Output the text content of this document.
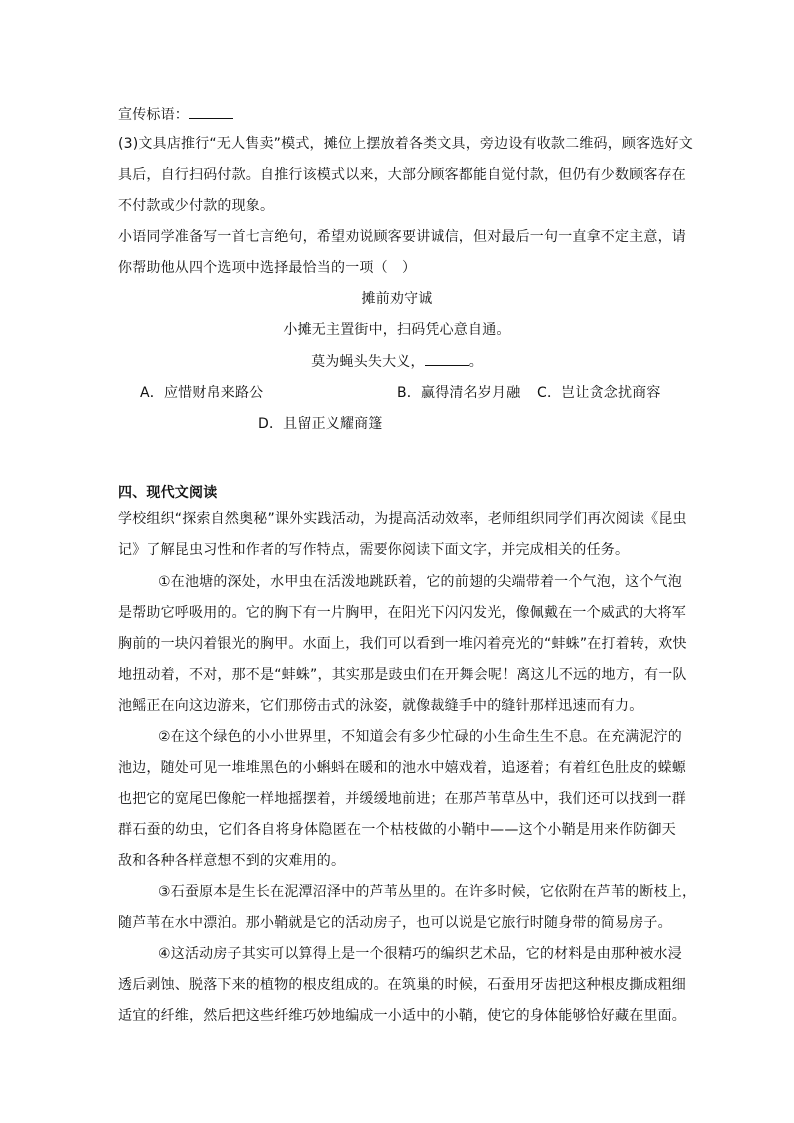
宣传标语：
(3)文具店推行“无人售卖”模式，摊位上摆放着各类文具，旁边设有收款二维码，顾客选好文
具后，自行扫码付款。自推行该模式以来，大部分顾客都能自觉付款，但仍有少数顾客存在
不付款或少付款的现象。
小语同学准备写一首七言绝句，希望劝说顾客要讲诚信，但对最后一句一直拿不定主意，请
你帮助他从四个选项中选择最恰当的一项（　）
摊前劝守诚
小摊无主置街中，扫码凭心意自通。
莫为蝇头失大义，	。
A．应惜财帛来路公	B．赢得清名岁月融 C．岂让贪念扰商容
D．且留正义耀商篷
四、现代文阅读
学校组织“探索自然奥秘”课外实践活动，为提高活动效率，老师组织同学们再次阅读《昆虫
记》了解昆虫习性和作者的写作特点，需要你阅读下面文字，并完成相关的任务。
①在池塘的深处，水甲虫在活泼地跳跃着，它的前翅的尖端带着一个气泡，这个气泡
是帮助它呼吸用的。它的胸下有一片胸甲，在阳光下闪闪发光，像佩戴在一个威武的大将军
胸前的一块闪着银光的胸甲。水面上，我们可以看到一堆闪着亮光的“蚌蛛”在打着转，欢快
地扭动着，不对，那不是“蚌蛛”，其实那是豉虫们在开舞会呢！离这儿不远的地方，有一队
池鳐正在向这边游来，它们那傍击式的泳姿，就像裁缝手中的缝针那样迅速而有力。
②在这个绿色的小小世界里，不知道会有多少忙碌的小生命生生不息。在充满泥泞的
池边，随处可见一堆堆黑色的小蝌蚪在暖和的池水中嬉戏着，追逐着；有着红色肚皮的蝾螈
也把它的宽尾巴像舵一样地摇摆着，并缓缓地前进；在那芦苇草丛中，我们还可以找到一群
群石蚕的幼虫，它们各自将身体隐匿在一个枯枝做的小鞘中——这个小鞘是用来作防御天
敌和各种各样意想不到的灾难用的。
③石蚕原本是生长在泥潭沼泽中的芦苇丛里的。在许多时候，它依附在芦苇的断枝上，
随芦苇在水中漂泊。那小鞘就是它的活动房子，也可以说是它旅行时随身带的简易房子。
④这活动房子其实可以算得上是一个很精巧的编织艺术品，它的材料是由那种被水浸
透后剥蚀、脱落下来的植物的根皮组成的。在筑巢的时候，石蚕用牙齿把这种根皮撕成粗细
适宜的纤维，然后把这些纤维巧妙地编成一小适中的小鞘，使它的身体能够恰好藏在里面。
